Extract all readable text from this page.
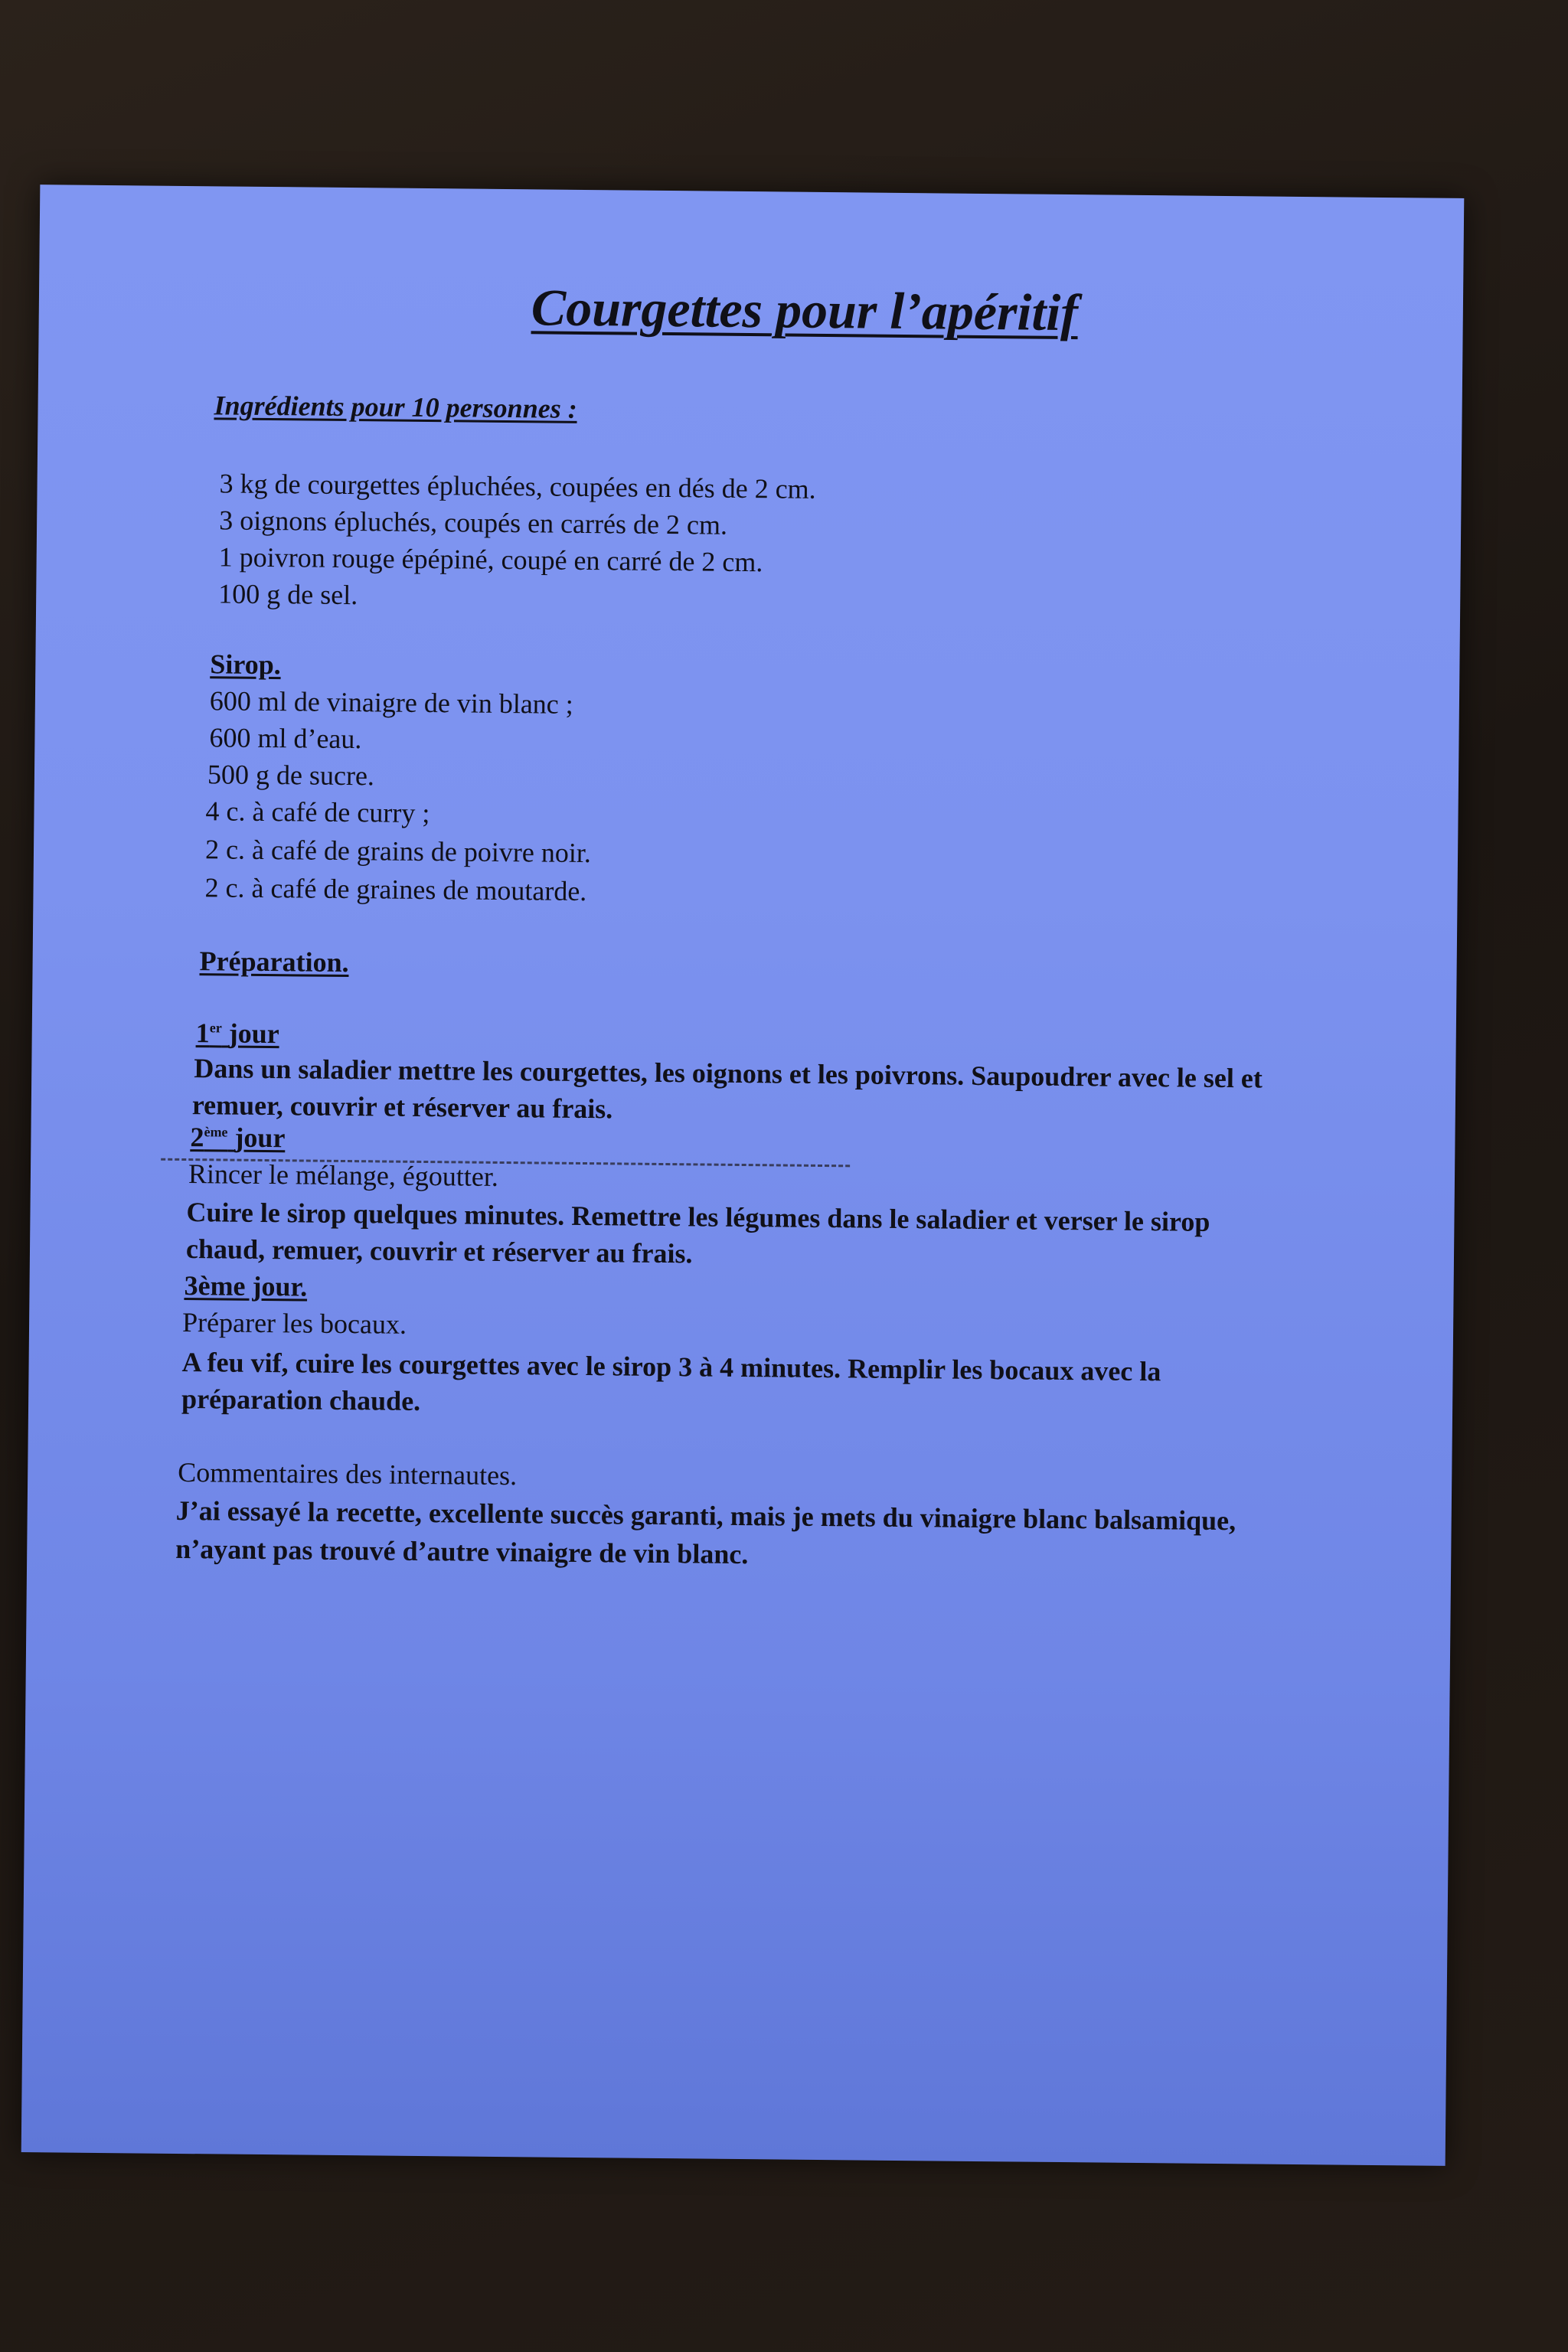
Courgettes pour l’apéritif
Ingrédients pour 10 personnes :
3 kg de courgettes épluchées, coupées en dés de 2 cm.
3 oignons épluchés, coupés en carrés de 2 cm.
1 poivron rouge épépiné, coupé en carré de 2 cm.
100 g de sel.
Sirop.
600 ml de vinaigre de vin blanc ;
600 ml d’eau.
500 g de sucre.
4 c. à café de curry ;
2 c. à café de grains de poivre noir.
2 c. à café de graines de moutarde.
Préparation.
1er jour
Dans un saladier mettre les courgettes, les oignons et les poivrons. Saupoudrer avec le sel et
remuer, couvrir et réserver au frais.
2ème jour
Rincer le mélange, égoutter.
Cuire le sirop quelques minutes. Remettre les légumes dans le saladier et verser le sirop
chaud, remuer, couvrir et réserver au frais.
3ème jour.
Préparer les bocaux.
A feu vif, cuire les courgettes avec le sirop 3 à 4 minutes. Remplir les bocaux avec la
préparation chaude.
Commentaires des internautes.
J’ai essayé la recette, excellente succès garanti, mais je mets du vinaigre blanc balsamique,
n’ayant pas trouvé d’autre vinaigre de vin blanc.
